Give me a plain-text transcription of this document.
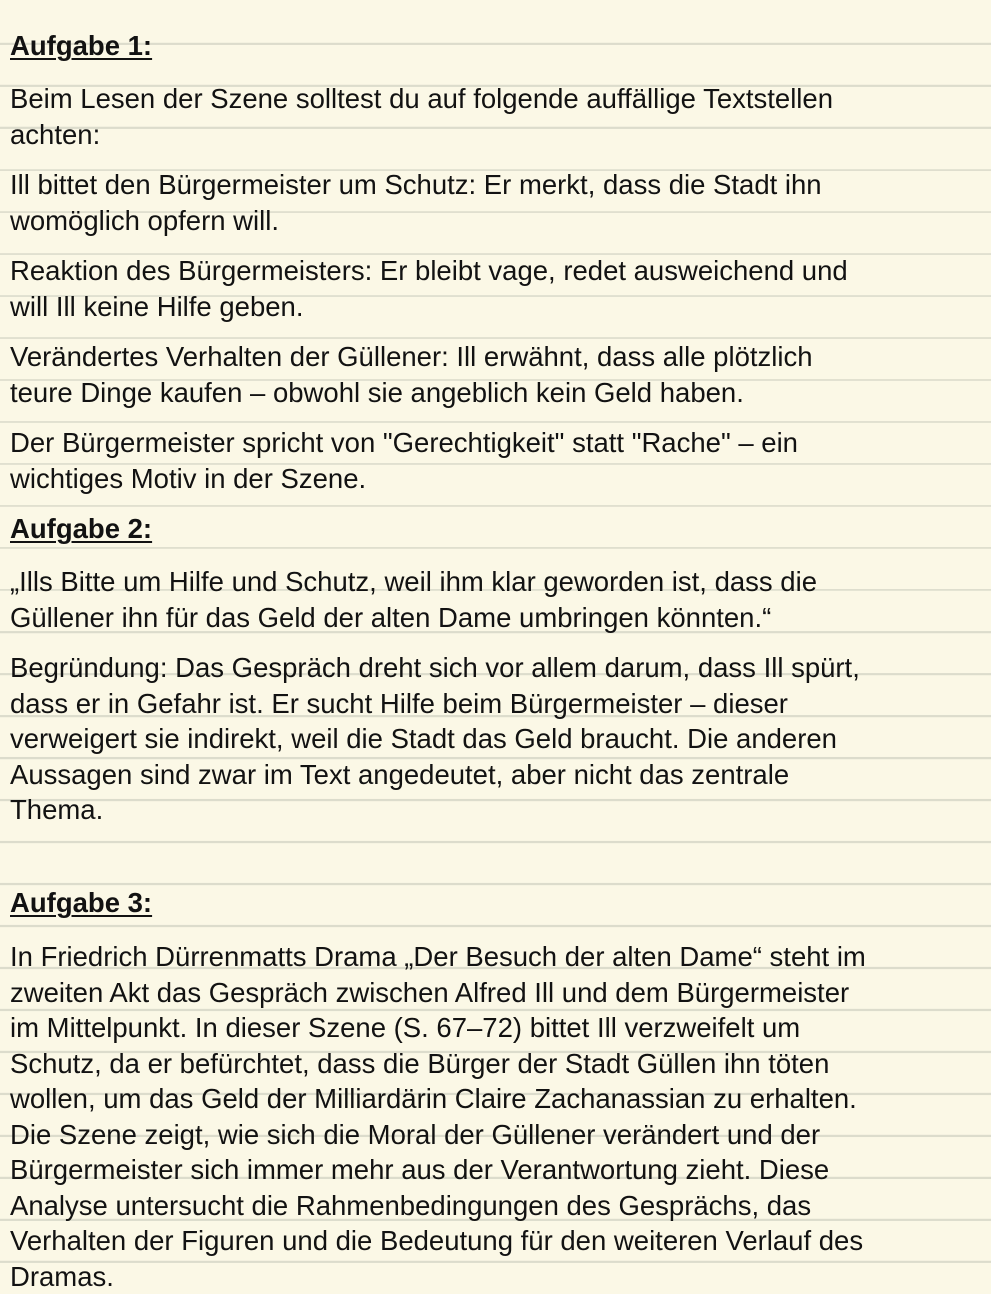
Aufgabe 1:
Beim Lesen der Szene solltest du auf folgende auffällige Textstellen
achten:
Ill bittet den Bürgermeister um Schutz: Er merkt, dass die Stadt ihn
womöglich opfern will.
Reaktion des Bürgermeisters: Er bleibt vage, redet ausweichend und
will Ill keine Hilfe geben.
Verändertes Verhalten der Güllener: Ill erwähnt, dass alle plötzlich
teure Dinge kaufen – obwohl sie angeblich kein Geld haben.
Der Bürgermeister spricht von "Gerechtigkeit" statt "Rache" – ein
wichtiges Motiv in der Szene.
Aufgabe 2:
„Ills Bitte um Hilfe und Schutz, weil ihm klar geworden ist, dass die
Güllener ihn für das Geld der alten Dame umbringen könnten.“
Begründung: Das Gespräch dreht sich vor allem darum, dass Ill spürt,
dass er in Gefahr ist. Er sucht Hilfe beim Bürgermeister – dieser
verweigert sie indirekt, weil die Stadt das Geld braucht. Die anderen
Aussagen sind zwar im Text angedeutet, aber nicht das zentrale
Thema.
Aufgabe 3:
In Friedrich Dürrenmatts Drama „Der Besuch der alten Dame“ steht im
zweiten Akt das Gespräch zwischen Alfred Ill und dem Bürgermeister
im Mittelpunkt. In dieser Szene (S. 67–72) bittet Ill verzweifelt um
Schutz, da er befürchtet, dass die Bürger der Stadt Güllen ihn töten
wollen, um das Geld der Milliardärin Claire Zachanassian zu erhalten.
Die Szene zeigt, wie sich die Moral der Güllener verändert und der
Bürgermeister sich immer mehr aus der Verantwortung zieht. Diese
Analyse untersucht die Rahmenbedingungen des Gesprächs, das
Verhalten der Figuren und die Bedeutung für den weiteren Verlauf des
Dramas.
